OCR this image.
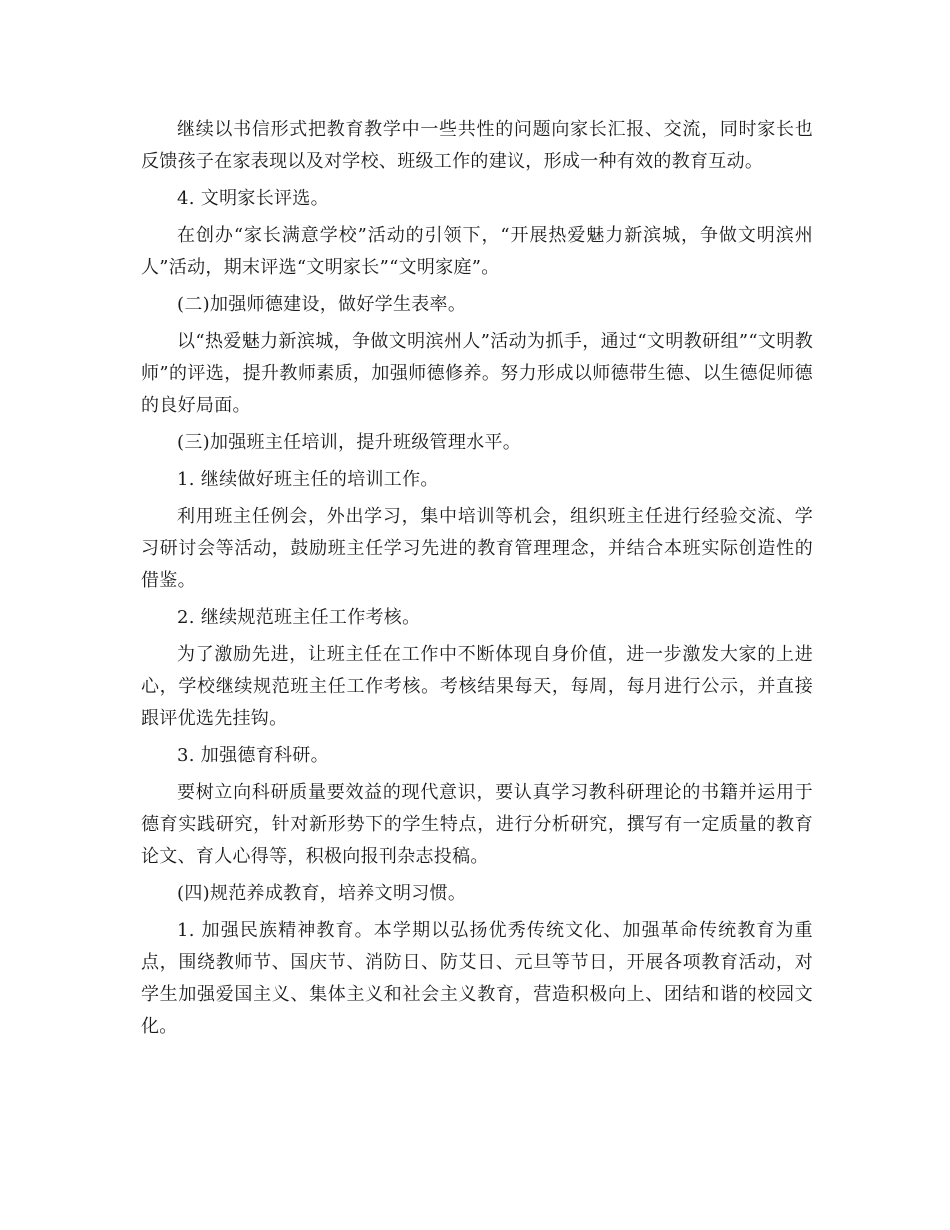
继续以书信形式把教育教学中一些共性的问题向家长汇报、交流，同时家长也反馈孩子在家表现以及对学校、班级工作的建议，形成一种有效的教育互动。

4. 文明家长评选。

在创办“家长满意学校”活动的引领下，“开展热爱魅力新滨城，争做文明滨州人”活动，期末评选“文明家长”“文明家庭”。

(二)加强师德建设，做好学生表率。

以“热爱魅力新滨城，争做文明滨州人”活动为抓手，通过“文明教研组”“文明教师”的评选，提升教师素质，加强师德修养。努力形成以师德带生德、以生德促师德的良好局面。

(三)加强班主任培训，提升班级管理水平。

1. 继续做好班主任的培训工作。

利用班主任例会，外出学习，集中培训等机会，组织班主任进行经验交流、学习研讨会等活动，鼓励班主任学习先进的教育管理理念，并结合本班实际创造性的借鉴。

2. 继续规范班主任工作考核。

为了激励先进，让班主任在工作中不断体现自身价值，进一步激发大家的上进心，学校继续规范班主任工作考核。考核结果每天，每周，每月进行公示，并直接跟评优选先挂钩。

3. 加强德育科研。

要树立向科研质量要效益的现代意识，要认真学习教科研理论的书籍并运用于德育实践研究，针对新形势下的学生特点，进行分析研究，撰写有一定质量的教育论文、育人心得等，积极向报刊杂志投稿。

(四)规范养成教育，培养文明习惯。

1. 加强民族精神教育。本学期以弘扬优秀传统文化、加强革命传统教育为重点，围绕教师节、国庆节、消防日、防艾日、元旦等节日，开展各项教育活动，对学生加强爱国主义、集体主义和社会主义教育，营造积极向上、团结和谐的校园文化。
